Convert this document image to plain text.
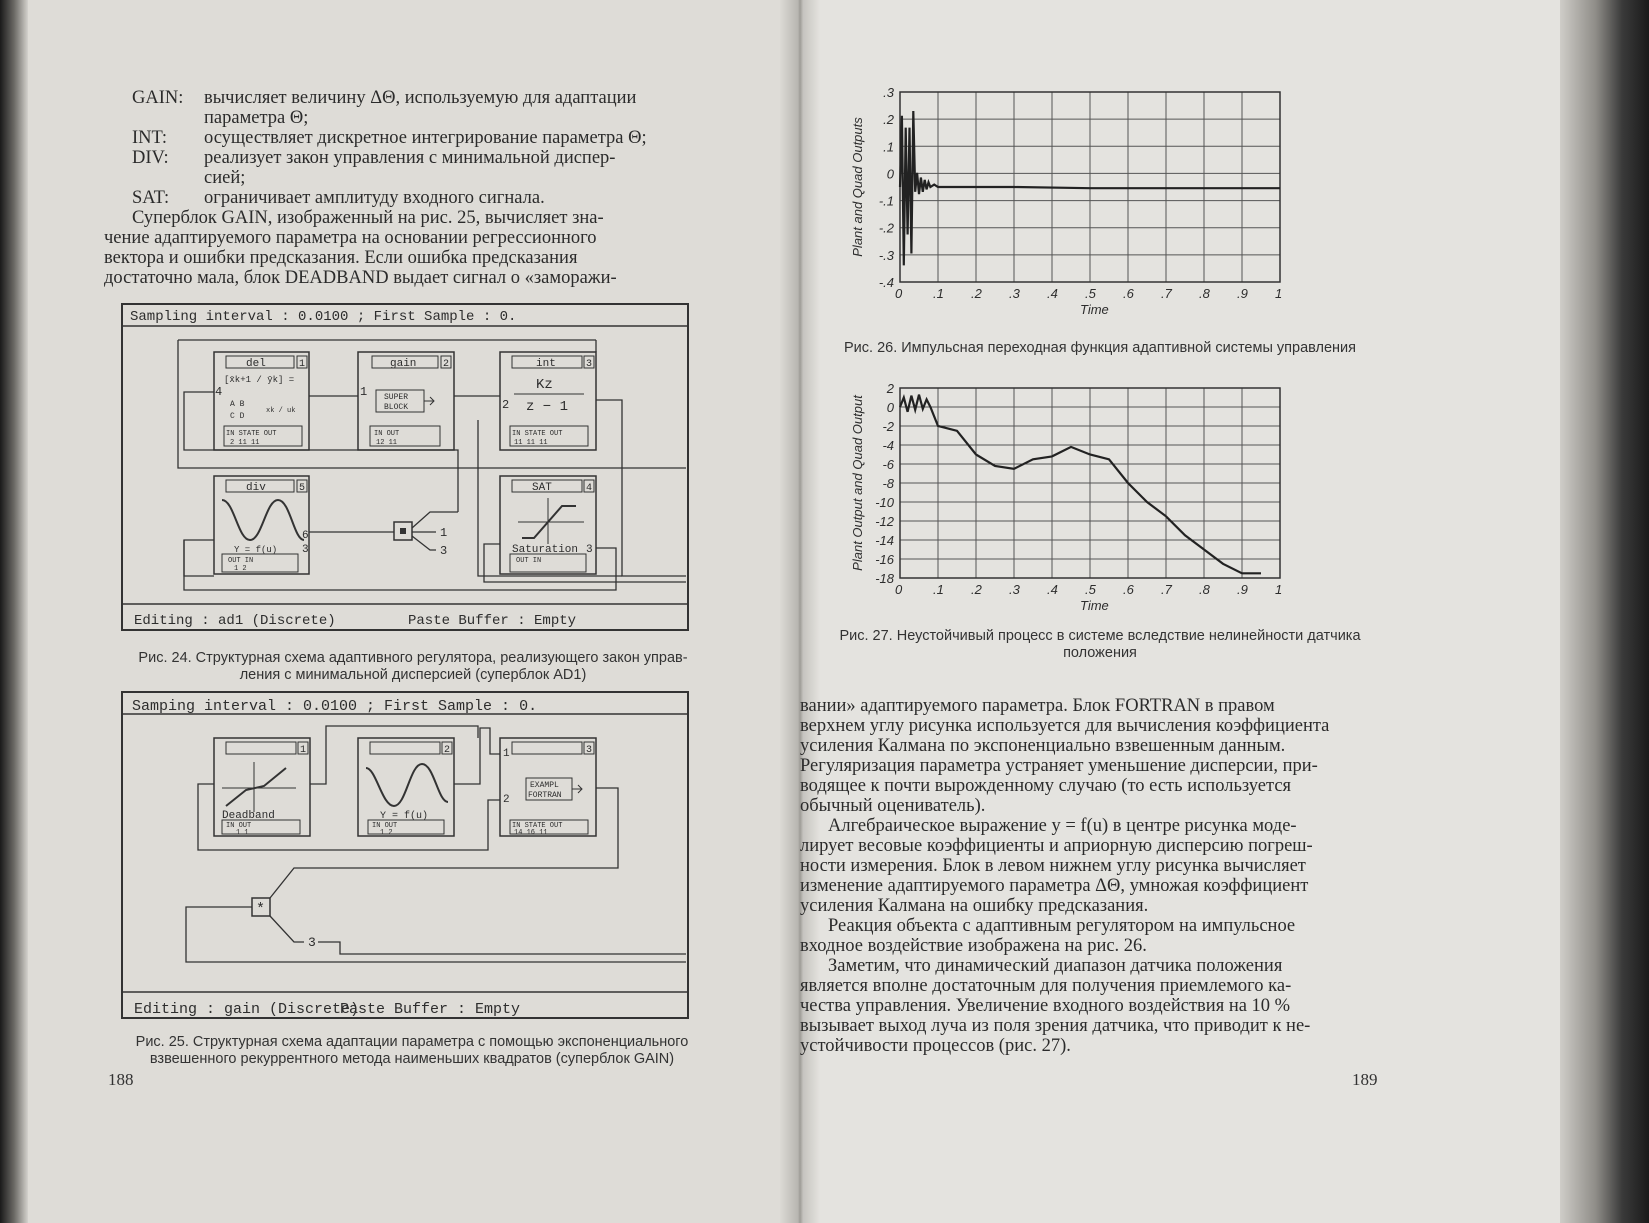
GAIN: вычисляет величину ΔΘ, используемую для адаптации
параметра Θ;
INT: осуществляет дискретное интегрирование параметра Θ;
DIV: реализует закон управления с минимальной диспер-
сией;
SAT: ограничивает амплитуду входного сигнала.
Суперблок GAIN, изображенный на рис. 25, вычисляет зна-
чение адаптируемого параметра на основании регрессионного
вектора и ошибки предсказания. Если ошибка предсказания
достаточно мала, блок DEADBAND выдает сигнал о «заморажи-
Sampling interval : 0.0100 ; First Sample : 0.
Editing : ad1 (Discrete)	Paste Buffer : Empty
del	1
4
[x̄k+1 / ȳk] =
A B
C D
xk / uk
IN STATE OUT
2 11 11
gain	2
1 SUPER
BLOCK
IN OUT
12 11
int	3
Kz
z − 1
2
IN STATE OUT
11 11 11
div	5
Y = f(u)
6
3
OUT IN
1 2
SAT	4
Saturation 3
OUT IN
1
3
Рис. 24. Структурная схема адаптивного регулятора, реализующего закон управ-
ления с минимальной дисперсией (суперблок AD1)
Samping interval : 0.0100 ; First Sample : 0.
Editing : gain (Discrete)
Paste Buffer : Empty
1
Deadband
IN OUT
1 1
2
Y = f(u)
IN OUT
1 2
3
1
2
EXAMPL
FORTRAN
IN STATE OUT
14 16 11
*
3
Рис. 25. Структурная схема адаптации параметра с помощью экспоненциального
взвешенного рекуррентного метода наименьших квадратов (суперблок GAIN)
188
0 .1 .2 .3 .4 .5 .6 .7 .8 .9 1
.3
.2
.1
0
-.1
-.2
-.3
-.4
Time
Plant and Quad Outputs
Рис. 26. Импульсная переходная функция адаптивной системы управления
0 .1 .2 .3 .4 .5 .6 .7 .8 .9 1
2
0
-2
-4
-6
-8
-10
-12
-14
-16
-18
Time
Plant Output and Quad Output
Рис. 27. Неустойчивый процесс в системе вследствие нелинейности датчика
положения
вании» адаптируемого параметра. Блок FORTRAN в правом
верхнем углу рисунка используется для вычисления коэффициента
усиления Калмана по экспоненциально взвешенным данным.
Регуляризация параметра устраняет уменьшение дисперсии, при-
водящее к почти вырожденному случаю (то есть используется
обычный оцениватель).
Алгебраическое выражение y = f(u) в центре рисунка моде-
лирует весовые коэффициенты и априорную дисперсию погреш-
ности измерения. Блок в левом нижнем углу рисунка вычисляет
изменение адаптируемого параметра ΔΘ, умножая коэффициент
усиления Калмана на ошибку предсказания.
Реакция объекта с адаптивным регулятором на импульсное
входное воздействие изображена на рис. 26.
Заметим, что динамический диапазон датчика положения
является вполне достаточным для получения приемлемого ка-
чества управления. Увеличение входного воздействия на 10 %
вызывает выход луча из поля зрения датчика, что приводит к не-
устойчивости процессов (рис. 27).
189
